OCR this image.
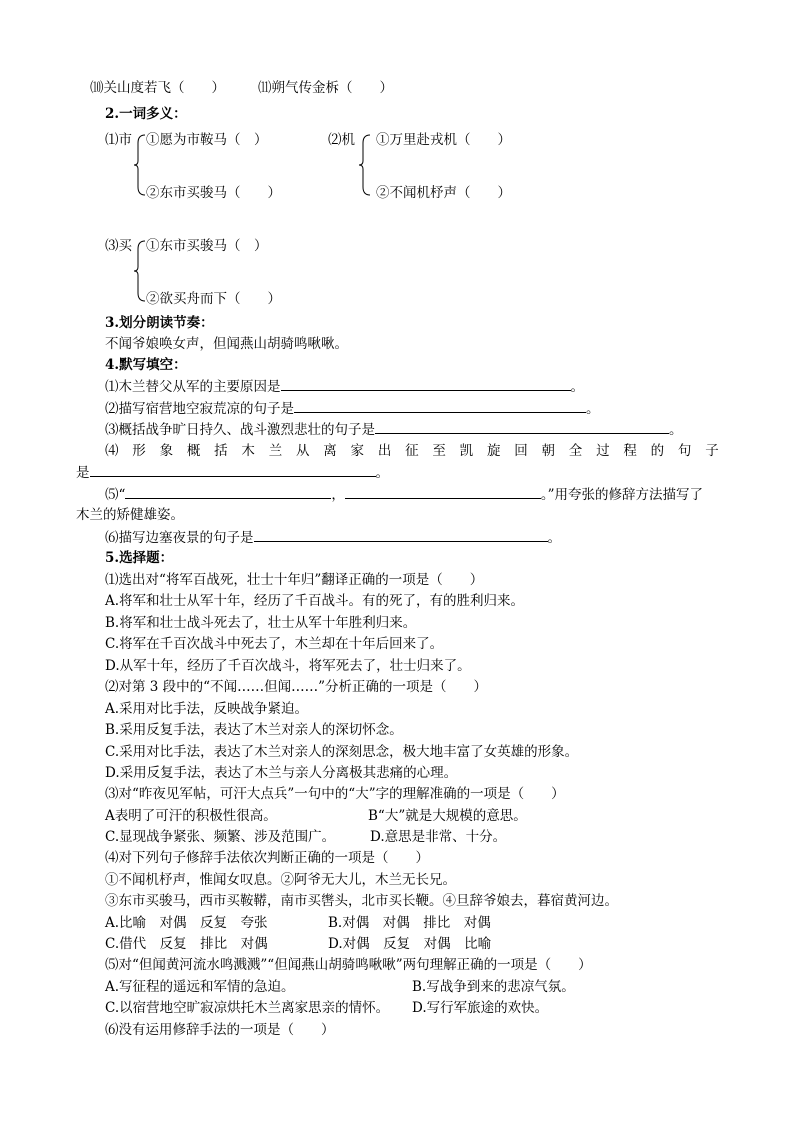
⑽关山度若飞（　　） ⑾朔气传金柝（　　）
2.一词多义：
⑴市 ①愿为市鞍马（　）
②东市买骏马（　　）
⑵机 ①万里赴戎机（　　）
②不闻机杼声（　　）
⑶买 ①东市买骏马（　）
②欲买舟而下（　　）
3.划分朗读节奏：
不闻爷娘唤女声，但闻燕山胡骑鸣啾啾。
4.默写填空：
⑴木兰替父从军的主要原因是	。
⑵描写宿营地空寂荒凉的句子是	。
⑶概括战争旷日持久、战斗激烈悲壮的句子是	。
⑷ 形 象 概 括 木 兰 从 离 家 出 征 至 凯 旋 回 朝 全 过 程 的 句 子
是	。
⑸“	，	。”用夸张的修辞方法描写了
木兰的矫健雄姿。
⑹描写边塞夜景的句子是	。
5.选择题：
⑴选出对“将军百战死，壮士十年归”翻译正确的一项是（　　）
A.将军和壮士从军十年，经历了千百战斗。有的死了，有的胜利归来。
B.将军和壮士战斗死去了，壮士从军十年胜利归来。
C.将军在千百次战斗中死去了，木兰却在十年后回来了。
D.从军十年，经历了千百次战斗，将军死去了，壮士归来了。
⑵对第 3 段中的“不闻……但闻……”分析正确的一项是（　　）
A.采用对比手法，反映战争紧迫。
B.采用反复手法，表达了木兰对亲人的深切怀念。
C.采用对比手法，表达了木兰对亲人的深刻思念，极大地丰富了女英雄的形象。
D.采用反复手法，表达了木兰与亲人分离极其悲痛的心理。
⑶对“昨夜见军帖，可汗大点兵”一句中的“大”字的理解准确的一项是（　　）
A表明了可汗的积极性很高。	B“大”就是大规模的意思。
C.显现战争紧张、频繁、涉及范围广。	D.意思是非常、十分。
⑷对下列句子修辞手法依次判断正确的一项是（　　）
①不闻机杼声，惟闻女叹息。②阿爷无大儿，木兰无长兄。
③东市买骏马，西市买鞍鞯，南市买辔头，北市买长鞭。④旦辞爷娘去，暮宿黄河边。
A.比喻　对偶　反复　夸张	B.对偶　对偶　排比　对偶
C.借代　反复　排比　对偶	D.对偶　反复　对偶　比喻
⑸对“但闻黄河流水鸣溅溅”“但闻燕山胡骑鸣啾啾”两句理解正确的一项是（　　）
A.写征程的遥远和军情的急迫。	B.写战争到来的悲凉气氛。
C.以宿营地空旷寂凉烘托木兰离家思亲的情怀。 D.写行军旅途的欢快。
⑹没有运用修辞手法的一项是（　　）
